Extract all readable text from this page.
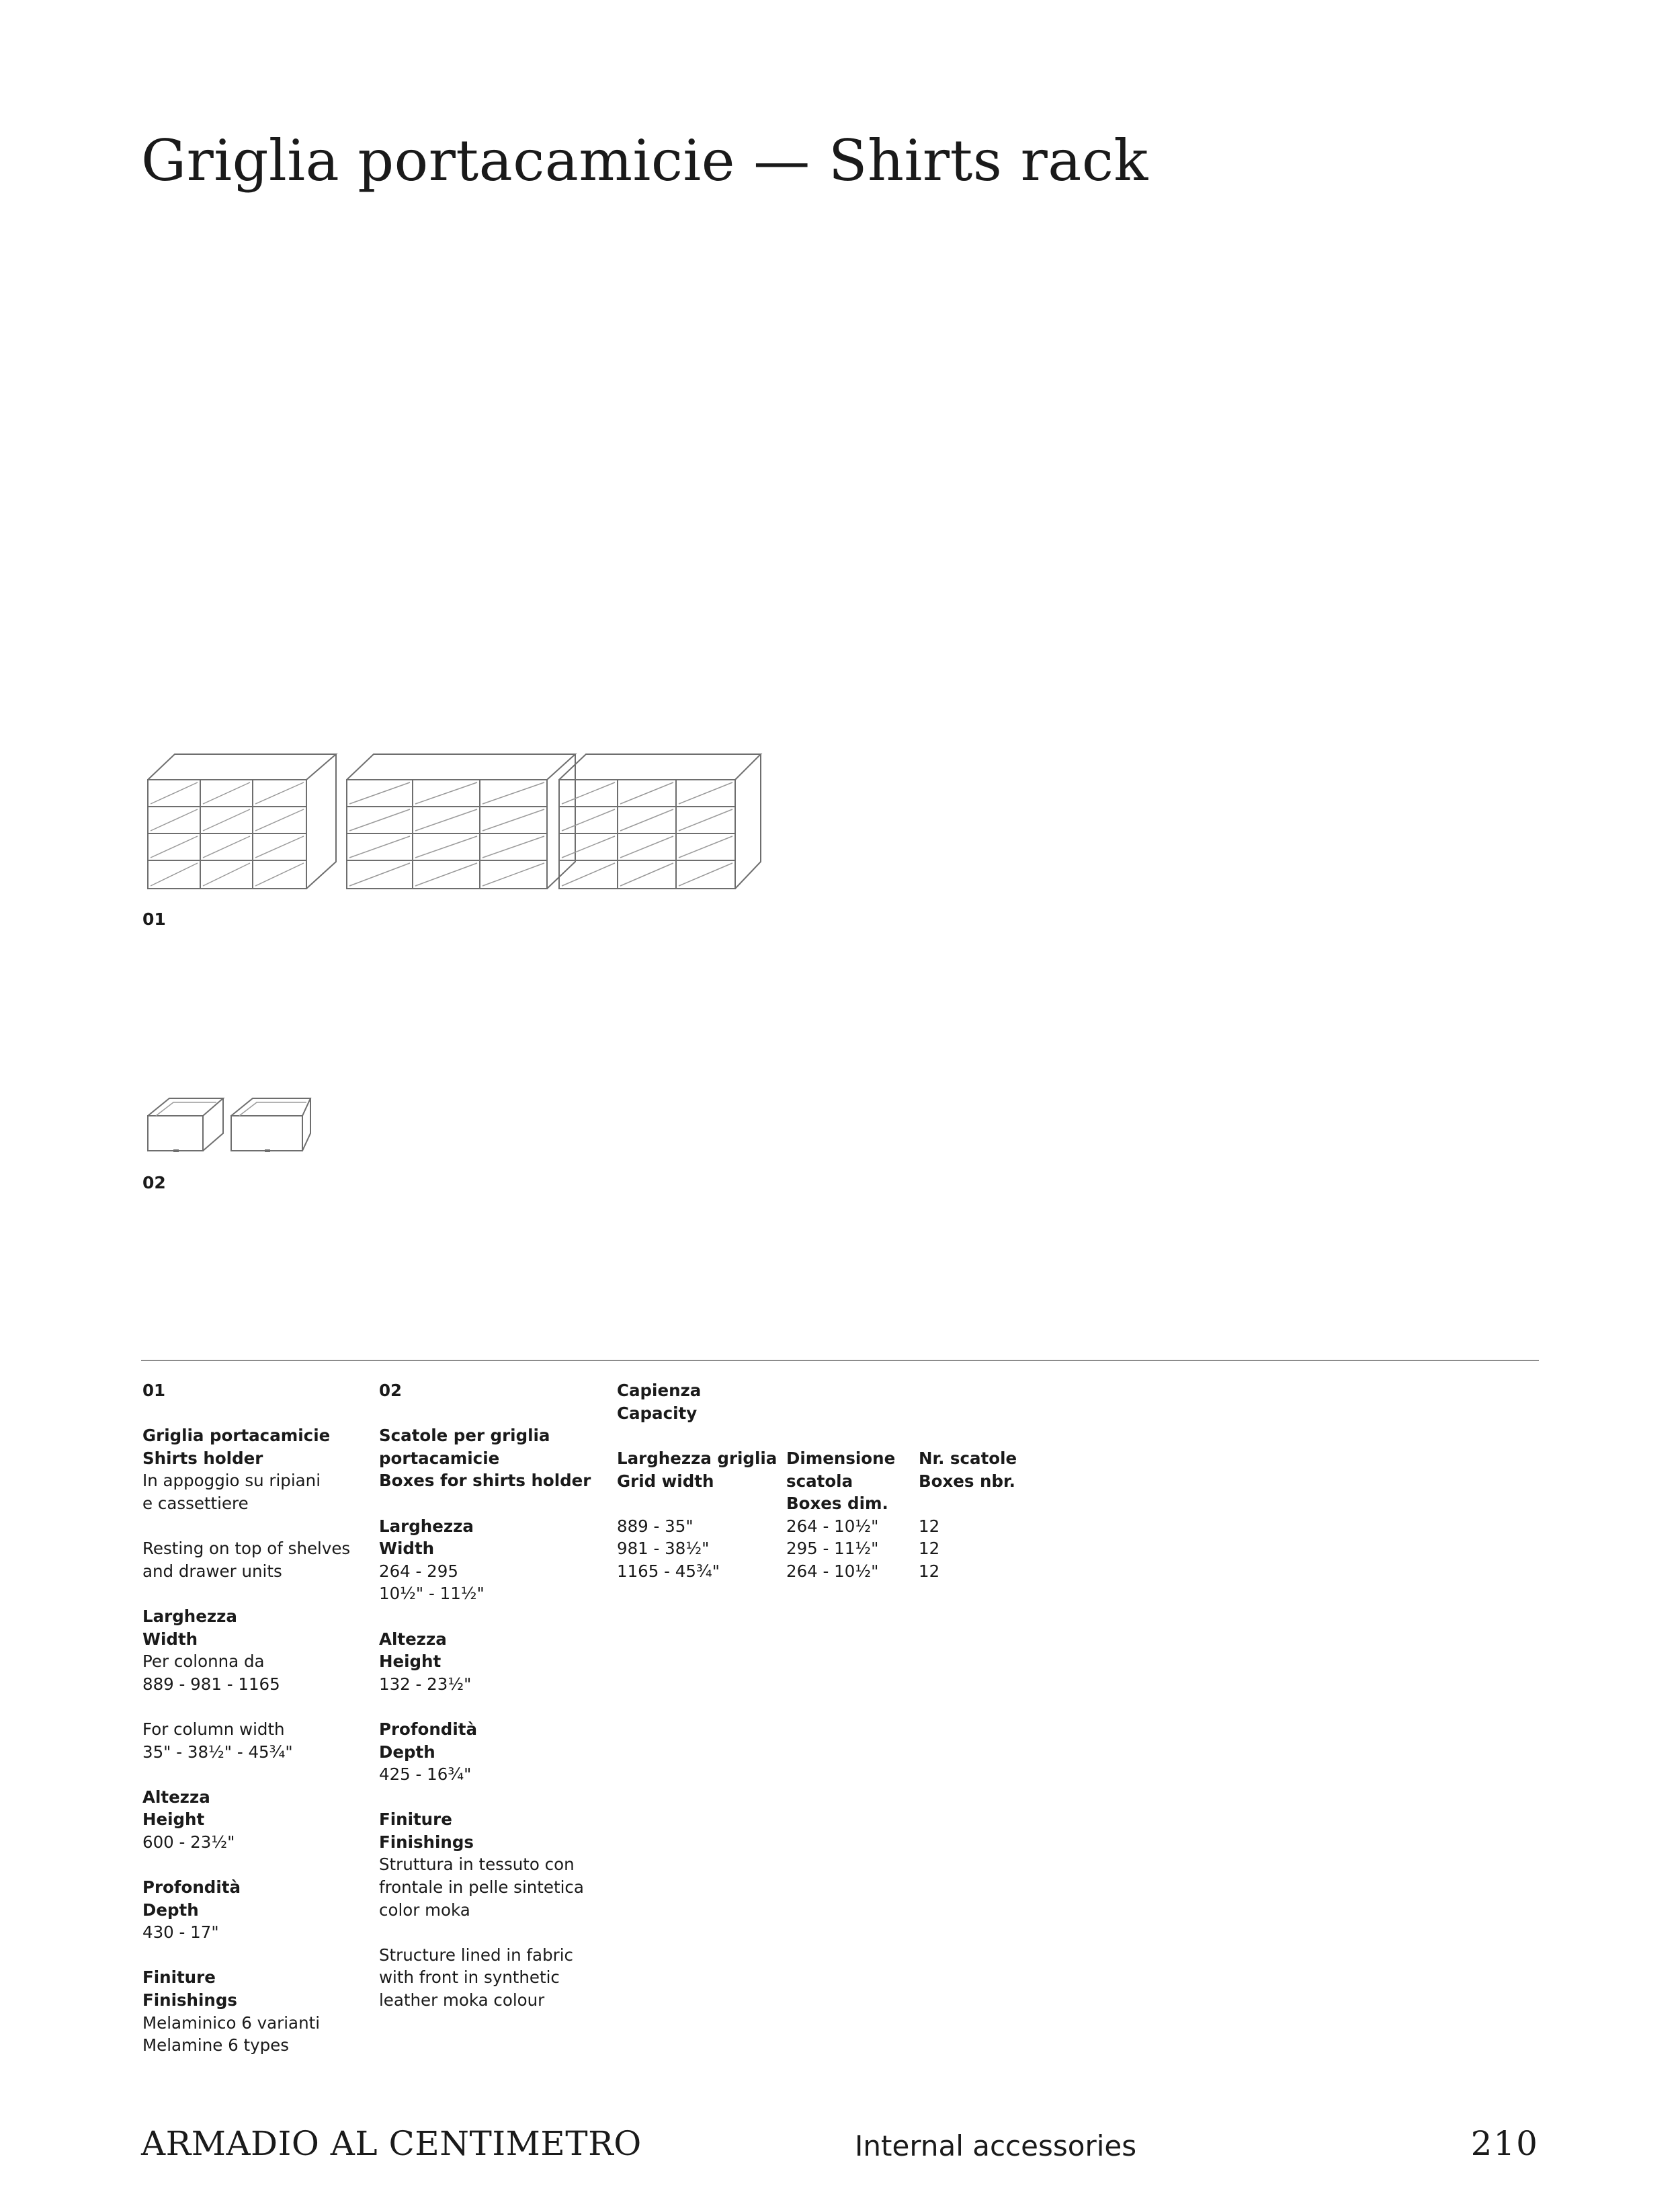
Griglia portacamicie — Shirts rack
01
02

01

Griglia portacamicie

Shirts holder

In appoggio su ripiani

e cassettiere

Resting on top of shelves

and drawer units

Larghezza

Width

Per colonna da

889 - 981 - 1165

For column width

35" - 38½" - 45¾"

Altezza

Height

600 - 23½"

Profondità

Depth

430 - 17"

Finiture

Finishings

Melaminico 6 varianti

Melamine 6 types

02

Scatole per griglia

portacamicie

Boxes for shirts holder

Larghezza

Width

264 - 295

10½" - 11½"

Altezza

Height

132 - 23½"

Profondità

Depth

425 - 16¾"

Finiture

Finishings

Struttura in tessuto con

frontale in pelle sintetica

color moka

Structure lined in fabric

with front in synthetic

leather moka colour

Capienza
Capacity

Larghezza griglia

Grid width

889 - 35"

981 - 38½"

1165 - 45¾"

Dimensione

scatola

Boxes dim.

264 - 10½"

295 - 11½"

264 - 10½"

Nr. scatole

Boxes nbr.

12

12

12

ARMADIO AL CENTIMETRO	Internal accessories	210
